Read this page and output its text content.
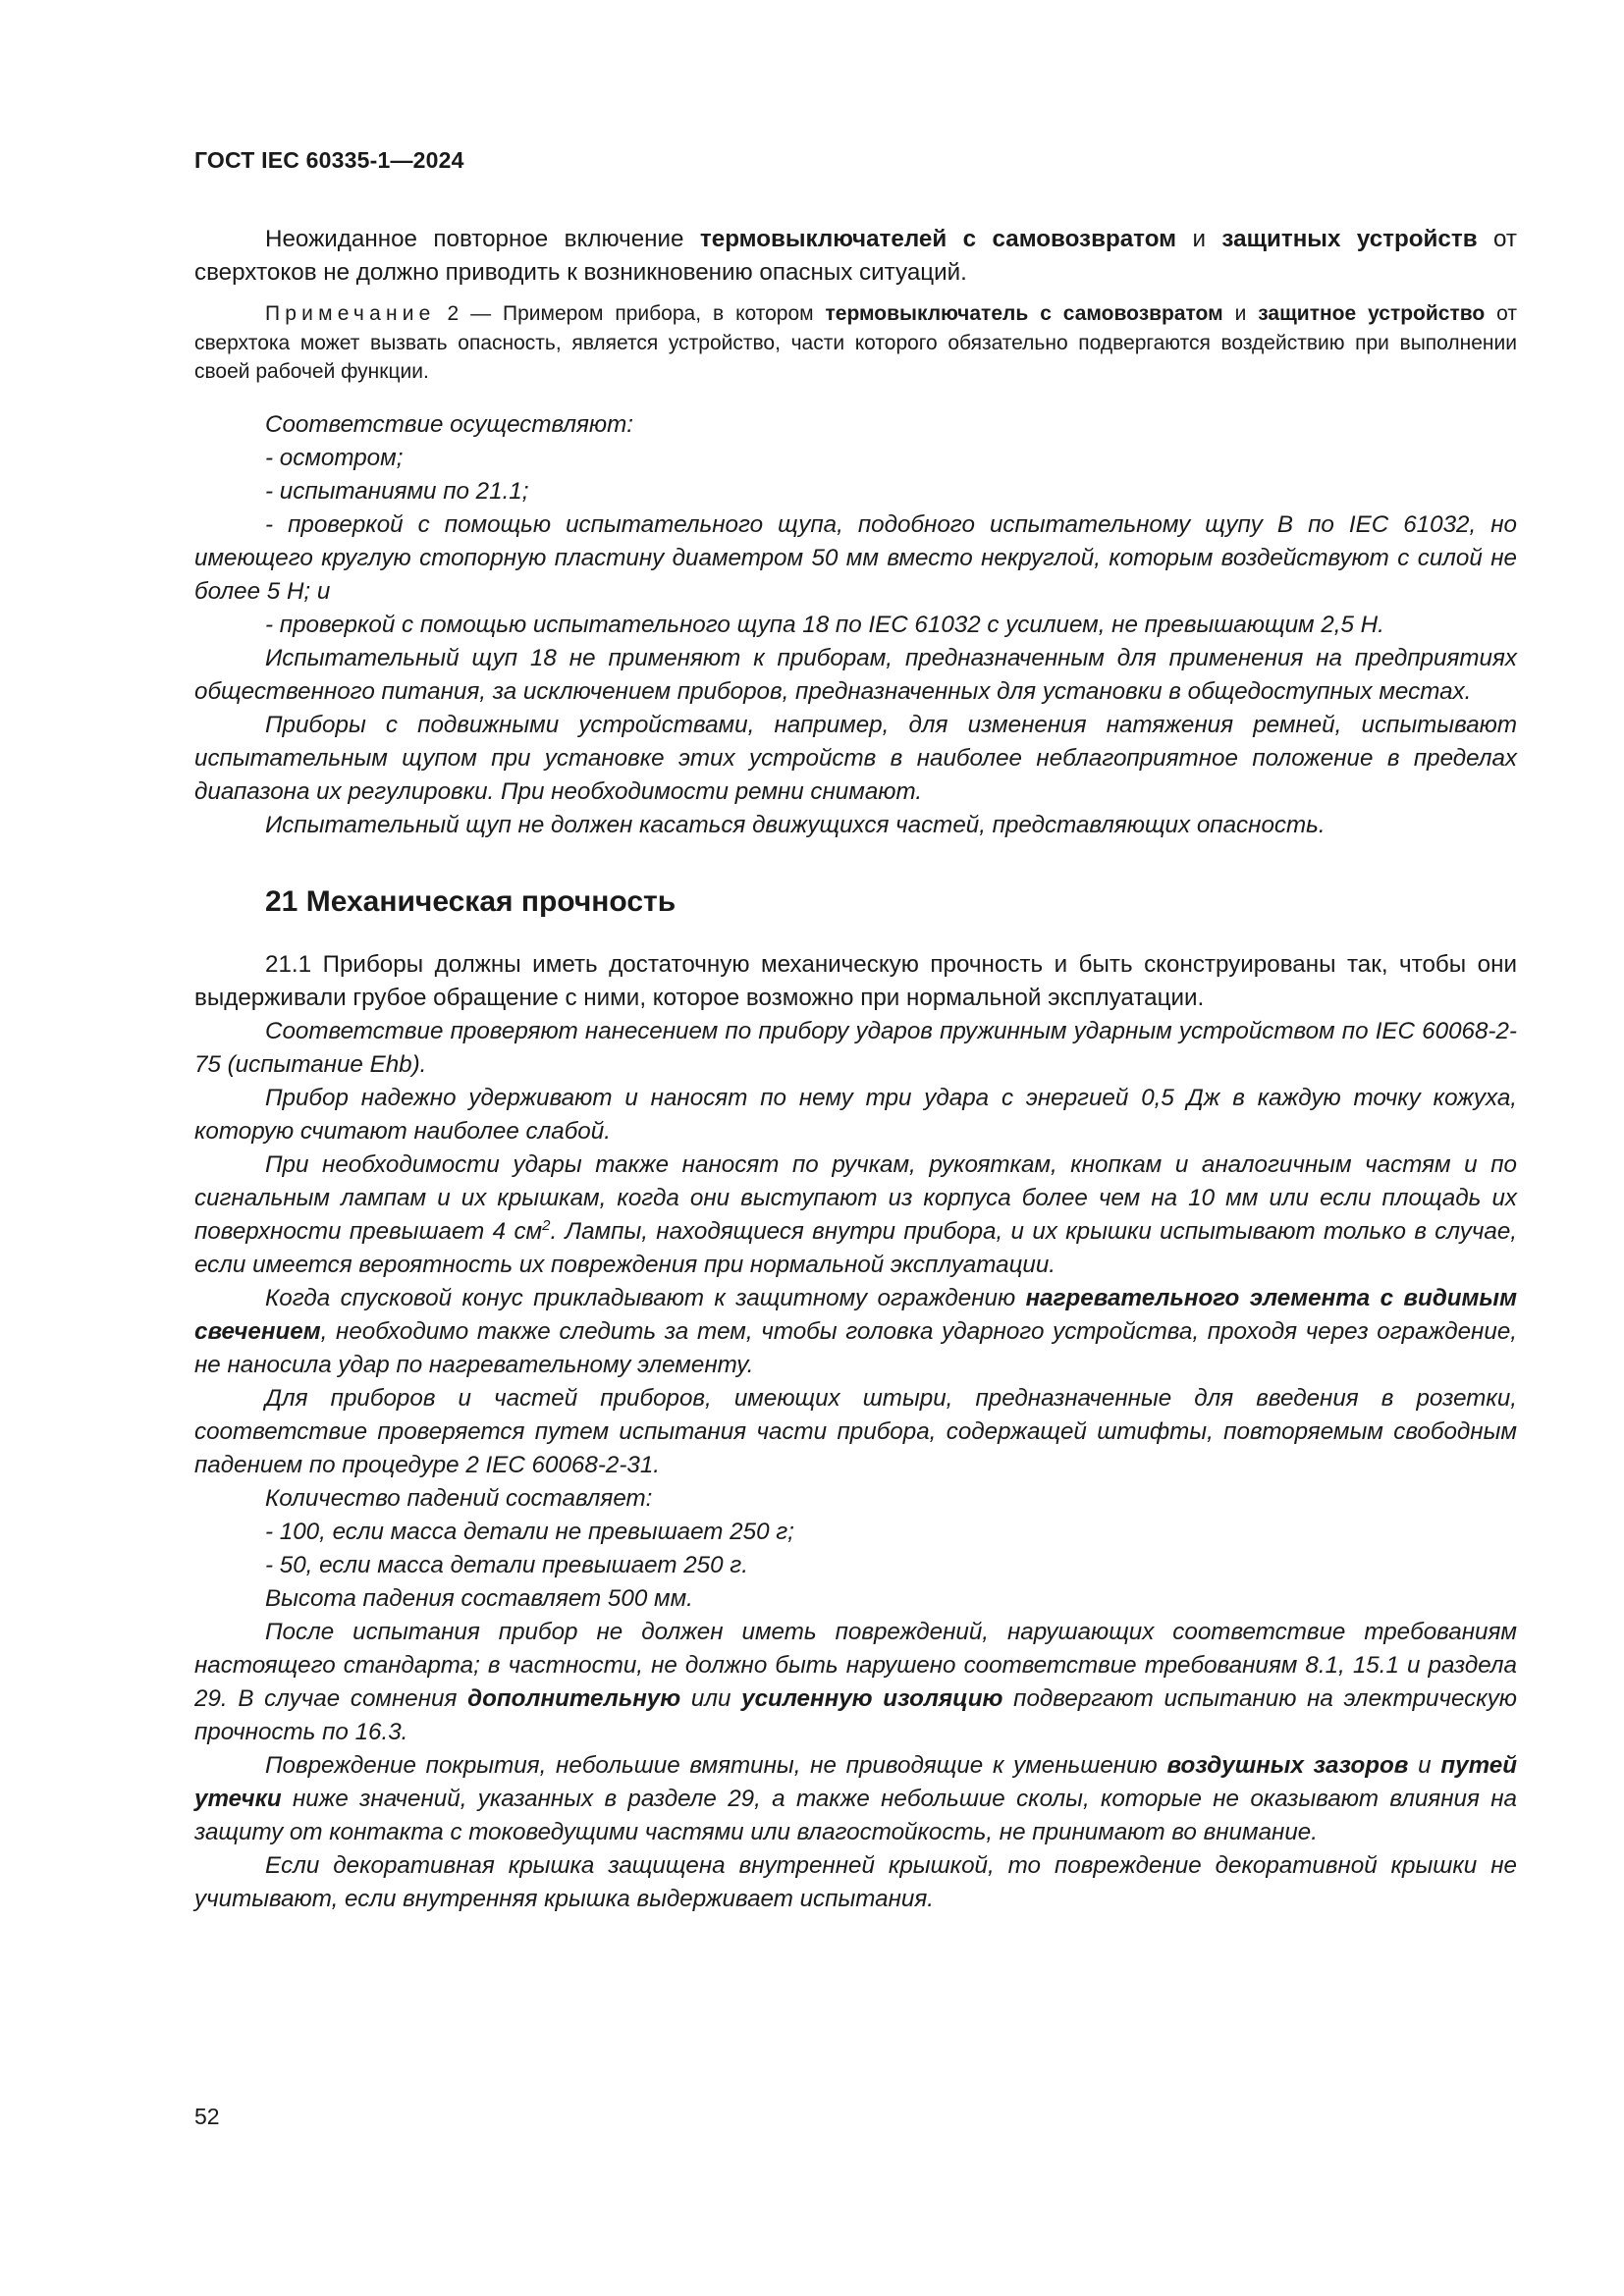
ГОСТ IEC 60335-1—2024

Неожиданное повторное включение термовыключателей с самовозвратом и защитных устройств от сверхтоков не должно приводить к возникновению опасных ситуаций.

Примечание 2 — Примером прибора, в котором термовыключатель с самовозвратом и защитное устройство от сверхтока может вызвать опасность, является устройство, части которого обязательно подвергаются воздействию при выполнении своей рабочей функции.

Соответствие осуществляют:

- осмотром;

- испытаниями по 21.1;

- проверкой с помощью испытательного щупа, подобного испытательному щупу B по IEC 61032, но имеющего круглую стопорную пластину диаметром 50 мм вместо некруглой, которым воздействуют с силой не более 5 Н; и

- проверкой с помощью испытательного щупа 18 по IEC 61032 с усилием, не превышающим 2,5 Н.

Испытательный щуп 18 не применяют к приборам, предназначенным для применения на предприятиях общественного питания, за исключением приборов, предназначенных для установки в общедоступных местах.

Приборы с подвижными устройствами, например, для изменения натяжения ремней, испытывают испытательным щупом при установке этих устройств в наиболее неблагоприятное положение в пределах диапазона их регулировки. При необходимости ремни снимают.

Испытательный щуп не должен касаться движущихся частей, представляющих опасность.

21 Механическая прочность

21.1 Приборы должны иметь достаточную механическую прочность и быть сконструированы так, чтобы они выдерживали грубое обращение с ними, которое возможно при нормальной эксплуатации.

Соответствие проверяют нанесением по прибору ударов пружинным ударным устройством по IEC 60068-2-75 (испытание Ehb).

Прибор надежно удерживают и наносят по нему три удара с энергией 0,5 Дж в каждую точку кожуха, которую считают наиболее слабой.

При необходимости удары также наносят по ручкам, рукояткам, кнопкам и аналогичным частям и по сигнальным лампам и их крышкам, когда они выступают из корпуса более чем на 10 мм или если площадь их поверхности превышает 4 $см^2$. Лампы, находящиеся внутри прибора, и их крышки испытывают только в случае, если имеется вероятность их повреждения при нормальной эксплуатации.

Когда спусковой конус прикладывают к защитному ограждению нагревательного элемента с видимым свечением, необходимо также следить за тем, чтобы головка ударного устройства, проходя через ограждение, не наносила удар по нагревательному элементу.

Для приборов и частей приборов, имеющих штыри, предназначенные для введения в розетки, соответствие проверяется путем испытания части прибора, содержащей штифты, повторяемым свободным падением по процедуре 2 IEC 60068-2-31.

Количество падений составляет:

- 100, если масса детали не превышает 250 г;

- 50, если масса детали превышает 250 г.

Высота падения составляет 500 мм.

После испытания прибор не должен иметь повреждений, нарушающих соответствие требованиям настоящего стандарта; в частности, не должно быть нарушено соответствие требованиям 8.1, 15.1 и раздела 29. В случае сомнения дополнительную или усиленную изоляцию подвергают испытанию на электрическую прочность по 16.3.

Повреждение покрытия, небольшие вмятины, не приводящие к уменьшению воздушных зазоров и путей утечки ниже значений, указанных в разделе 29, а также небольшие сколы, которые не оказывают влияния на защиту от контакта с токоведущими частями или влагостойкость, не принимают во внимание.

Если декоративная крышка защищена внутренней крышкой, то повреждение декоративной крышки не учитывают, если внутренняя крышка выдерживает испытания.

52
